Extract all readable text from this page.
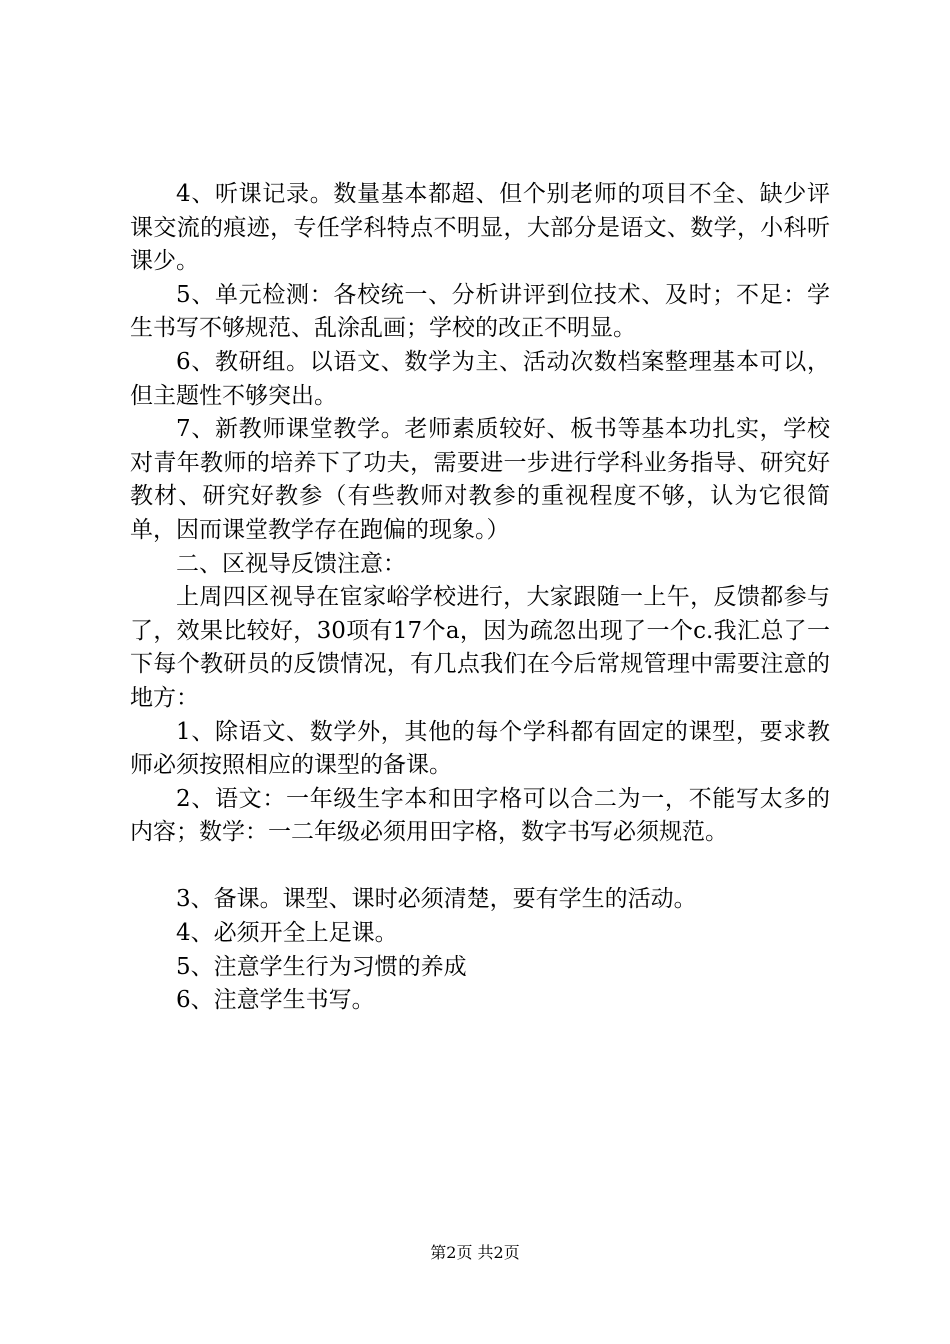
4、听课记录。数量基本都超、但个别老师的项目不全、缺少评课交流的痕迹，专任学科特点不明显，大部分是语文、数学，小科听课少。

5、单元检测：各校统一、分析讲评到位技术、及时；不足：学生书写不够规范、乱涂乱画；学校的改正不明显。

6、教研组。以语文、数学为主、活动次数档案整理基本可以，但主题性不够突出。

7、新教师课堂教学。老师素质较好、板书等基本功扎实，学校对青年教师的培养下了功夫，需要进一步进行学科业务指导、研究好教材、研究好教参（有些教师对教参的重视程度不够，认为它很简单，因而课堂教学存在跑偏的现象。）

二、区视导反馈注意：

上周四区视导在宦家峪学校进行，大家跟随一上午，反馈都参与了，效果比较好，30项有17个a，因为疏忽出现了一个c.我汇总了一下每个教研员的反馈情况，有几点我们在今后常规管理中需要注意的地方：

1、除语文、数学外，其他的每个学科都有固定的课型，要求教师必须按照相应的课型的备课。

2、语文：一年级生字本和田字格可以合二为一，不能写太多的内容；数学：一二年级必须用田字格，数字书写必须规范。

3、备课。课型、课时必须清楚，要有学生的活动。

4、必须开全上足课。

5、注意学生行为习惯的养成

6、注意学生书写。

第2页 共2页
